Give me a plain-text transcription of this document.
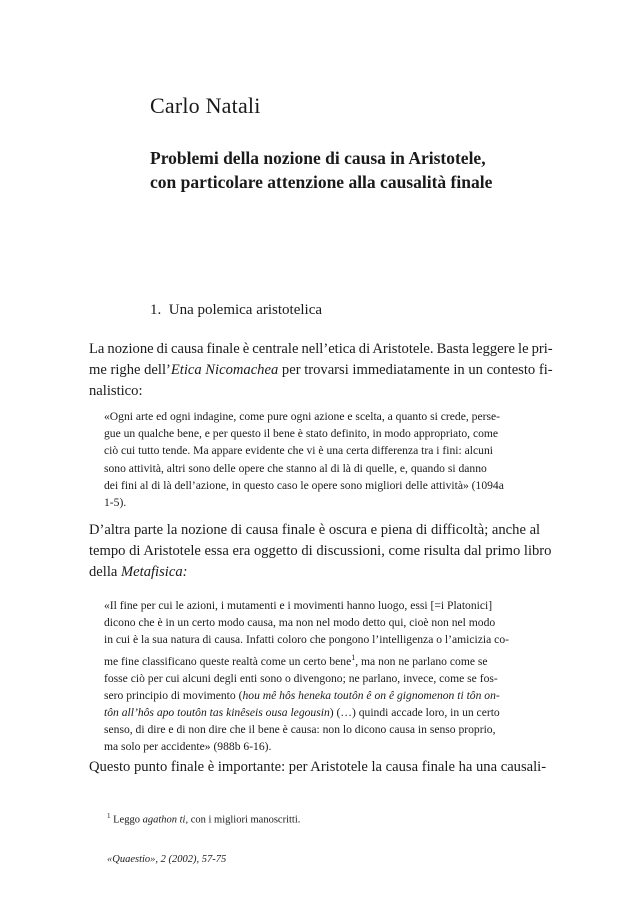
Carlo Natali
Problemi della nozione di causa in Aristotele,
con particolare attenzione alla causalità finale
1. Una polemica aristotelica
La nozione di causa finale è centrale nell’etica di Aristotele. Basta leggere le pri-
me righe dell’Etica Nicomachea per trovarsi immediatamente in un contesto fi-
nalistico:
«Ogni arte ed ogni indagine, come pure ogni azione e scelta, a quanto si crede, perse-
gue un qualche bene, e per questo il bene è stato definito, in modo appropriato, come
ciò cui tutto tende. Ma appare evidente che vi è una certa differenza tra i fini: alcuni
sono attività, altri sono delle opere che stanno al di là di quelle, e, quando si danno
dei fini al di là dell’azione, in questo caso le opere sono migliori delle attività» (1094a
1-5).
D’altra parte la nozione di causa finale è oscura e piena di difficoltà; anche al
tempo di Aristotele essa era oggetto di discussioni, come risulta dal primo libro
della Metafisica:
«Il fine per cui le azioni, i mutamenti e i movimenti hanno luogo, essi [=i Platonici]
dicono che è in un certo modo causa, ma non nel modo detto qui, cioè non nel modo
in cui è la sua natura di causa. Infatti coloro che pongono l’intelligenza o l’amicizia co-
me fine classificano queste realtà come un certo bene$^1$, ma non ne parlano come se
fosse ciò per cui alcuni degli enti sono o divengono; ne parlano, invece, come se fos-
sero principio di movimento (hou mê hôs heneka toutôn ê on ê gignomenon ti tôn on-
tôn all’hôs apo toutôn tas kinêseis ousa legousin) (…) quindi accade loro, in un certo
senso, di dire e di non dire che il bene è causa: non lo dicono causa in senso proprio,
ma solo per accidente» (988b 6-16).
Questo punto finale è importante: per Aristotele la causa finale ha una causali-
$^1$ Leggo agathon ti, con i migliori manoscritti.
«Quaestio», 2 (2002), 57-75
